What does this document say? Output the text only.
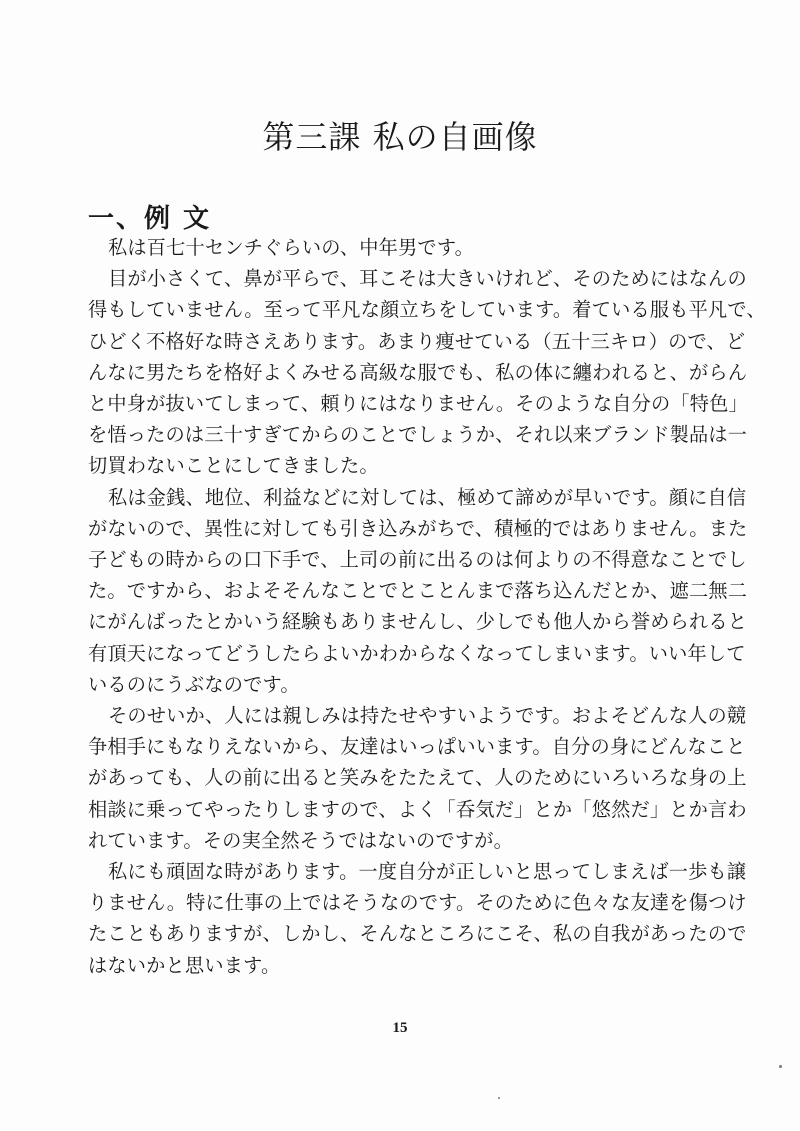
第三課 私の自画像
一、例 文
私は百七十センチぐらいの、中年男です。
目が小さくて、鼻が平らで、耳こそは大きいけれど、そのためにはなんの
得もしていません。至って平凡な顔立ちをしています。着ている服も平凡で、
ひどく不格好な時さえあります。あまり痩せている（五十三キロ）ので、ど
んなに男たちを格好よくみせる高級な服でも、私の体に纏われると、がらん
と中身が抜いてしまって、頼りにはなりません。そのような自分の「特色」
を悟ったのは三十すぎてからのことでしょうか、それ以来ブランド製品は一
切買わないことにしてきました。
私は金銭、地位、利益などに対しては、極めて諦めが早いです。顔に自信
がないので、異性に対しても引き込みがちで、積極的ではありません。また
子どもの時からの口下手で、上司の前に出るのは何よりの不得意なことでし
た。ですから、およそそんなことでとことんまで落ち込んだとか、遮二無二
にがんばったとかいう経験もありませんし、少しでも他人から誉められると
有頂天になってどうしたらよいかわからなくなってしまいます。いい年して
いるのにうぶなのです。
そのせいか、人には親しみは持たせやすいようです。およそどんな人の競
争相手にもなりえないから、友達はいっぱいいます。自分の身にどんなこと
があっても、人の前に出ると笑みをたたえて、人のためにいろいろな身の上
相談に乗ってやったりしますので、よく「呑気だ」とか「悠然だ」とか言わ
れています。その実全然そうではないのですが。
私にも頑固な時があります。一度自分が正しいと思ってしまえば一歩も譲
りません。特に仕事の上ではそうなのです。そのために色々な友達を傷つけ
たこともありますが、しかし、そんなところにこそ、私の自我があったので
はないかと思います。
15
